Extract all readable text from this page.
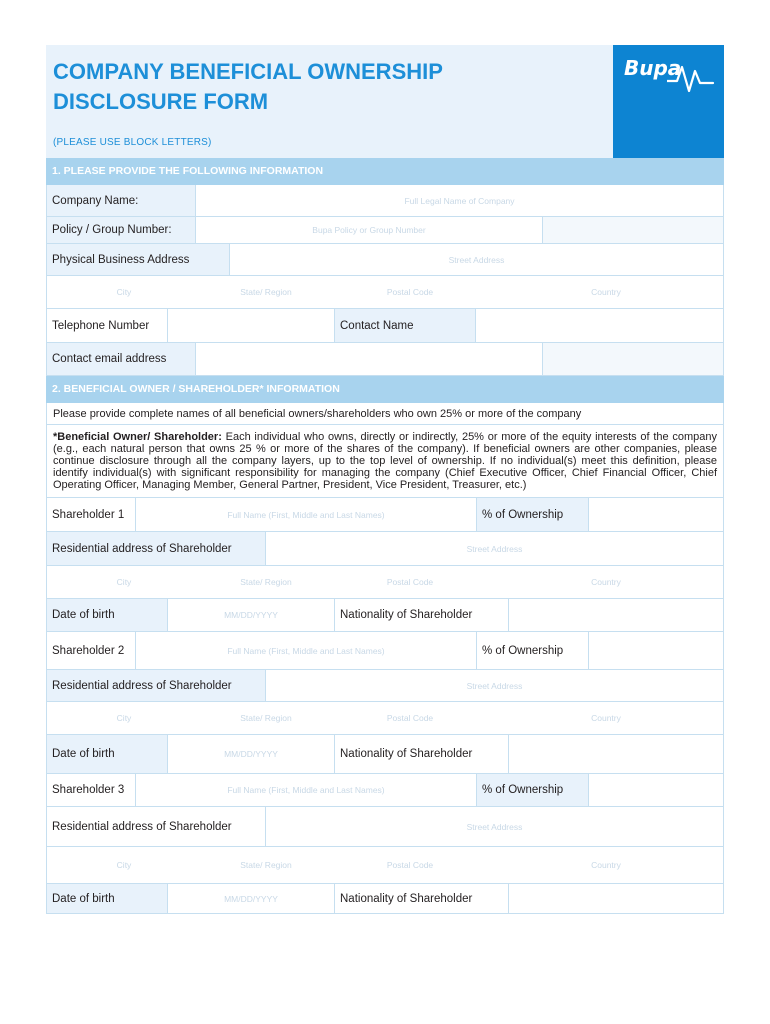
COMPANY BENEFICIAL OWNERSHIP DISCLOSURE FORM
(PLEASE USE BLOCK LETTERS)
Bupa
1. PLEASE PROVIDE THE FOLLOWING INFORMATION
Company Name:	Full Legal Name of Company
Policy / Group Number:	Bupa Policy or Group Number
Physical Business Address	Street Address
City	State/ Region	Postal Code	Country
Telephone Number	Contact Name
Contact email address
2. BENEFICIAL OWNER / SHAREHOLDER* INFORMATION
Please provide complete names of all beneficial owners/shareholders who own 25% or more of the company
*Beneficial Owner/ Shareholder: Each individual who owns, directly or indirectly, 25% or more of the equity interests of the company (e.g., each natural person that owns 25 % or more of the shares of the company). If beneficial owners are other companies, please continue disclosure through all the company layers, up to the top level of ownership. If no individual(s) meet this definition, please identify individual(s) with significant responsibility for managing the company (Chief Executive Officer, Chief Financial Officer, Chief Operating Officer, Managing Member, General Partner, President, Vice President, Treasurer, etc.)
Shareholder 1	Full Name (First, Middle and Last Names)	% of Ownership
Residential address of Shareholder	Street Address
City	State/ Region	Postal Code	Country
Date of birth	MM/DD/YYYY	Nationality of Shareholder
Shareholder 2	Full Name (First, Middle and Last Names)	% of Ownership
Residential address of Shareholder	Street Address
City	State/ Region	Postal Code	Country
Date of birth	MM/DD/YYYY	Nationality of Shareholder
Shareholder 3	Full Name (First, Middle and Last Names)	% of Ownership
Residential address of Shareholder	Street Address
City	State/ Region	Postal Code	Country
Date of birth	MM/DD/YYYY	Nationality of Shareholder
